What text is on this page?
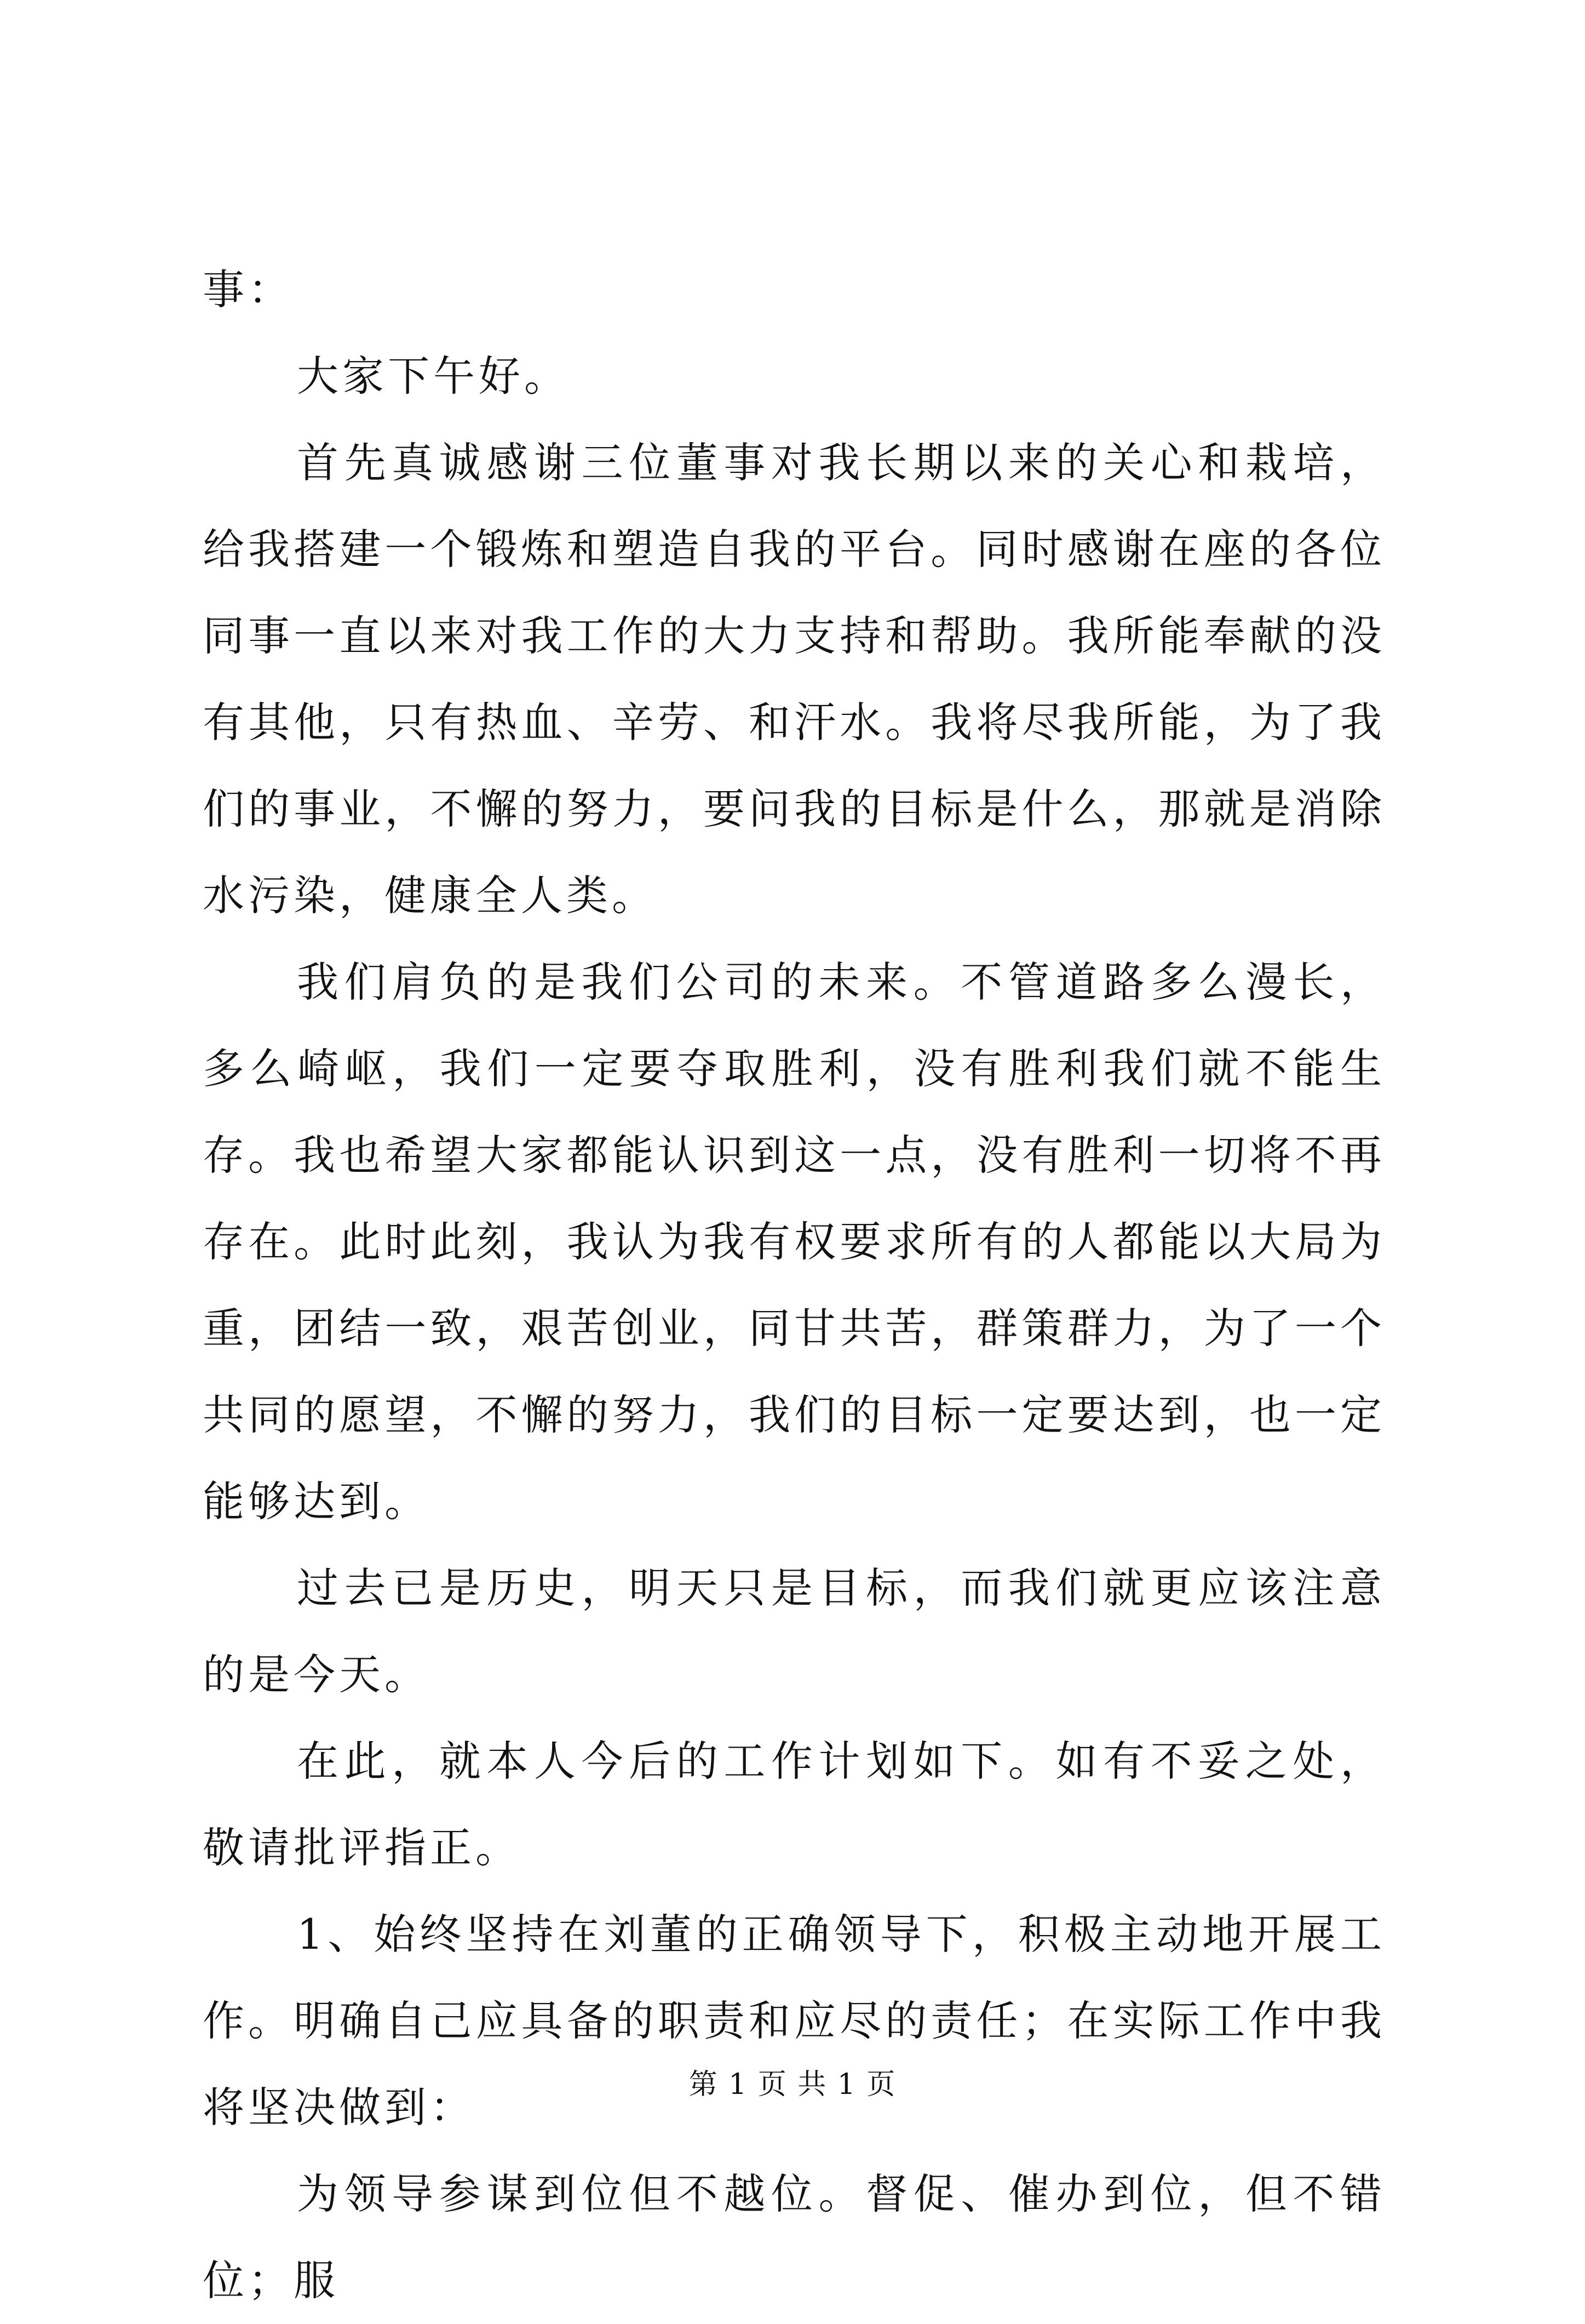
事：

大家下午好。

首先真诚感谢三位董事对我长期以来的关心和栽培，给我搭建一个锻炼和塑造自我的平台。同时感谢在座的各位同事一直以来对我工作的大力支持和帮助。我所能奉献的没有其他，只有热血、辛劳、和汗水。我将尽我所能，为了我们的事业，不懈的努力，要问我的目标是什么，那就是消除水污染，健康全人类。

我们肩负的是我们公司的未来。不管道路多么漫长，多么崎岖，我们一定要夺取胜利，没有胜利我们就不能生存。我也希望大家都能认识到这一点，没有胜利一切将不再存在。此时此刻，我认为我有权要求所有的人都能以大局为重，团结一致，艰苦创业，同甘共苦，群策群力，为了一个共同的愿望，不懈的努力，我们的目标一定要达到，也一定能够达到。

过去已是历史，明天只是目标，而我们就更应该注意的是今天。

在此，就本人今后的工作计划如下。如有不妥之处，敬请批评指正。

1、始终坚持在刘董的正确领导下，积极主动地开展工作。明确自己应具备的职责和应尽的责任；在实际工作中我将坚决做到：

为领导参谋到位但不越位。督促、催办到位，但不错位；服

第 1 页 共 1 页
